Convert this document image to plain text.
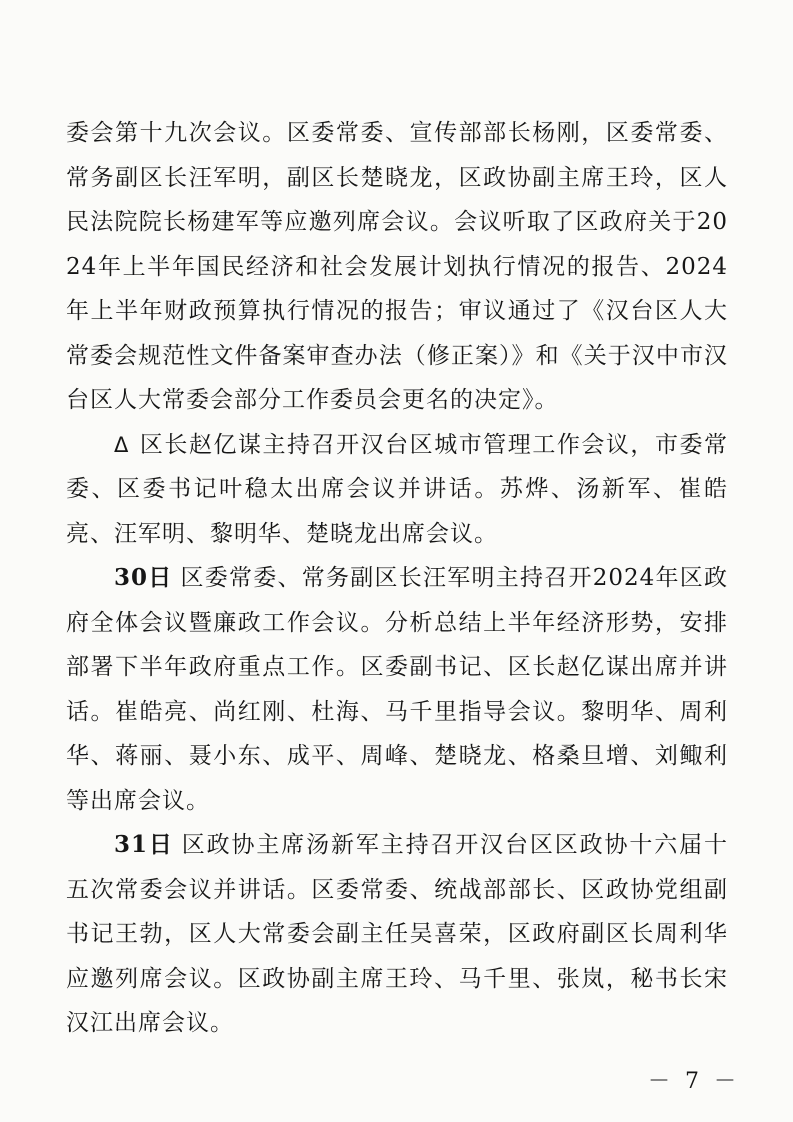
委会第十九次会议。区委常委、宣传部部长杨刚，区委常委、常务副区长汪军明，副区长楚晓龙，区政协副主席王玲，区人民法院院长杨建军等应邀列席会议。会议听取了区政府关于2024年上半年国民经济和社会发展计划执行情况的报告、2024年上半年财政预算执行情况的报告；审议通过了《汉台区人大常委会规范性文件备案审查办法（修正案）》和《关于汉中市汉台区人大常委会部分工作委员会更名的决定》。

Δ 区长赵亿谋主持召开汉台区城市管理工作会议，市委常委、区委书记叶稳太出席会议并讲话。苏烨、汤新军、崔皓亮、汪军明、黎明华、楚晓龙出席会议。

30日 区委常委、常务副区长汪军明主持召开2024年区政府全体会议暨廉政工作会议。分析总结上半年经济形势，安排部署下半年政府重点工作。区委副书记、区长赵亿谋出席并讲话。崔皓亮、尚红刚、杜海、马千里指导会议。黎明华、周利华、蒋丽、聂小东、成平、周峰、楚晓龙、格桑旦增、刘鲰利等出席会议。

31日 区政协主席汤新军主持召开汉台区区政协十六届十五次常委会议并讲话。区委常委、统战部部长、区政协党组副书记王勃，区人大常委会副主任吴喜荣，区政府副区长周利华应邀列席会议。区政协副主席王玲、马千里、张岚，秘书长宋汉江出席会议。

－ 7 －
